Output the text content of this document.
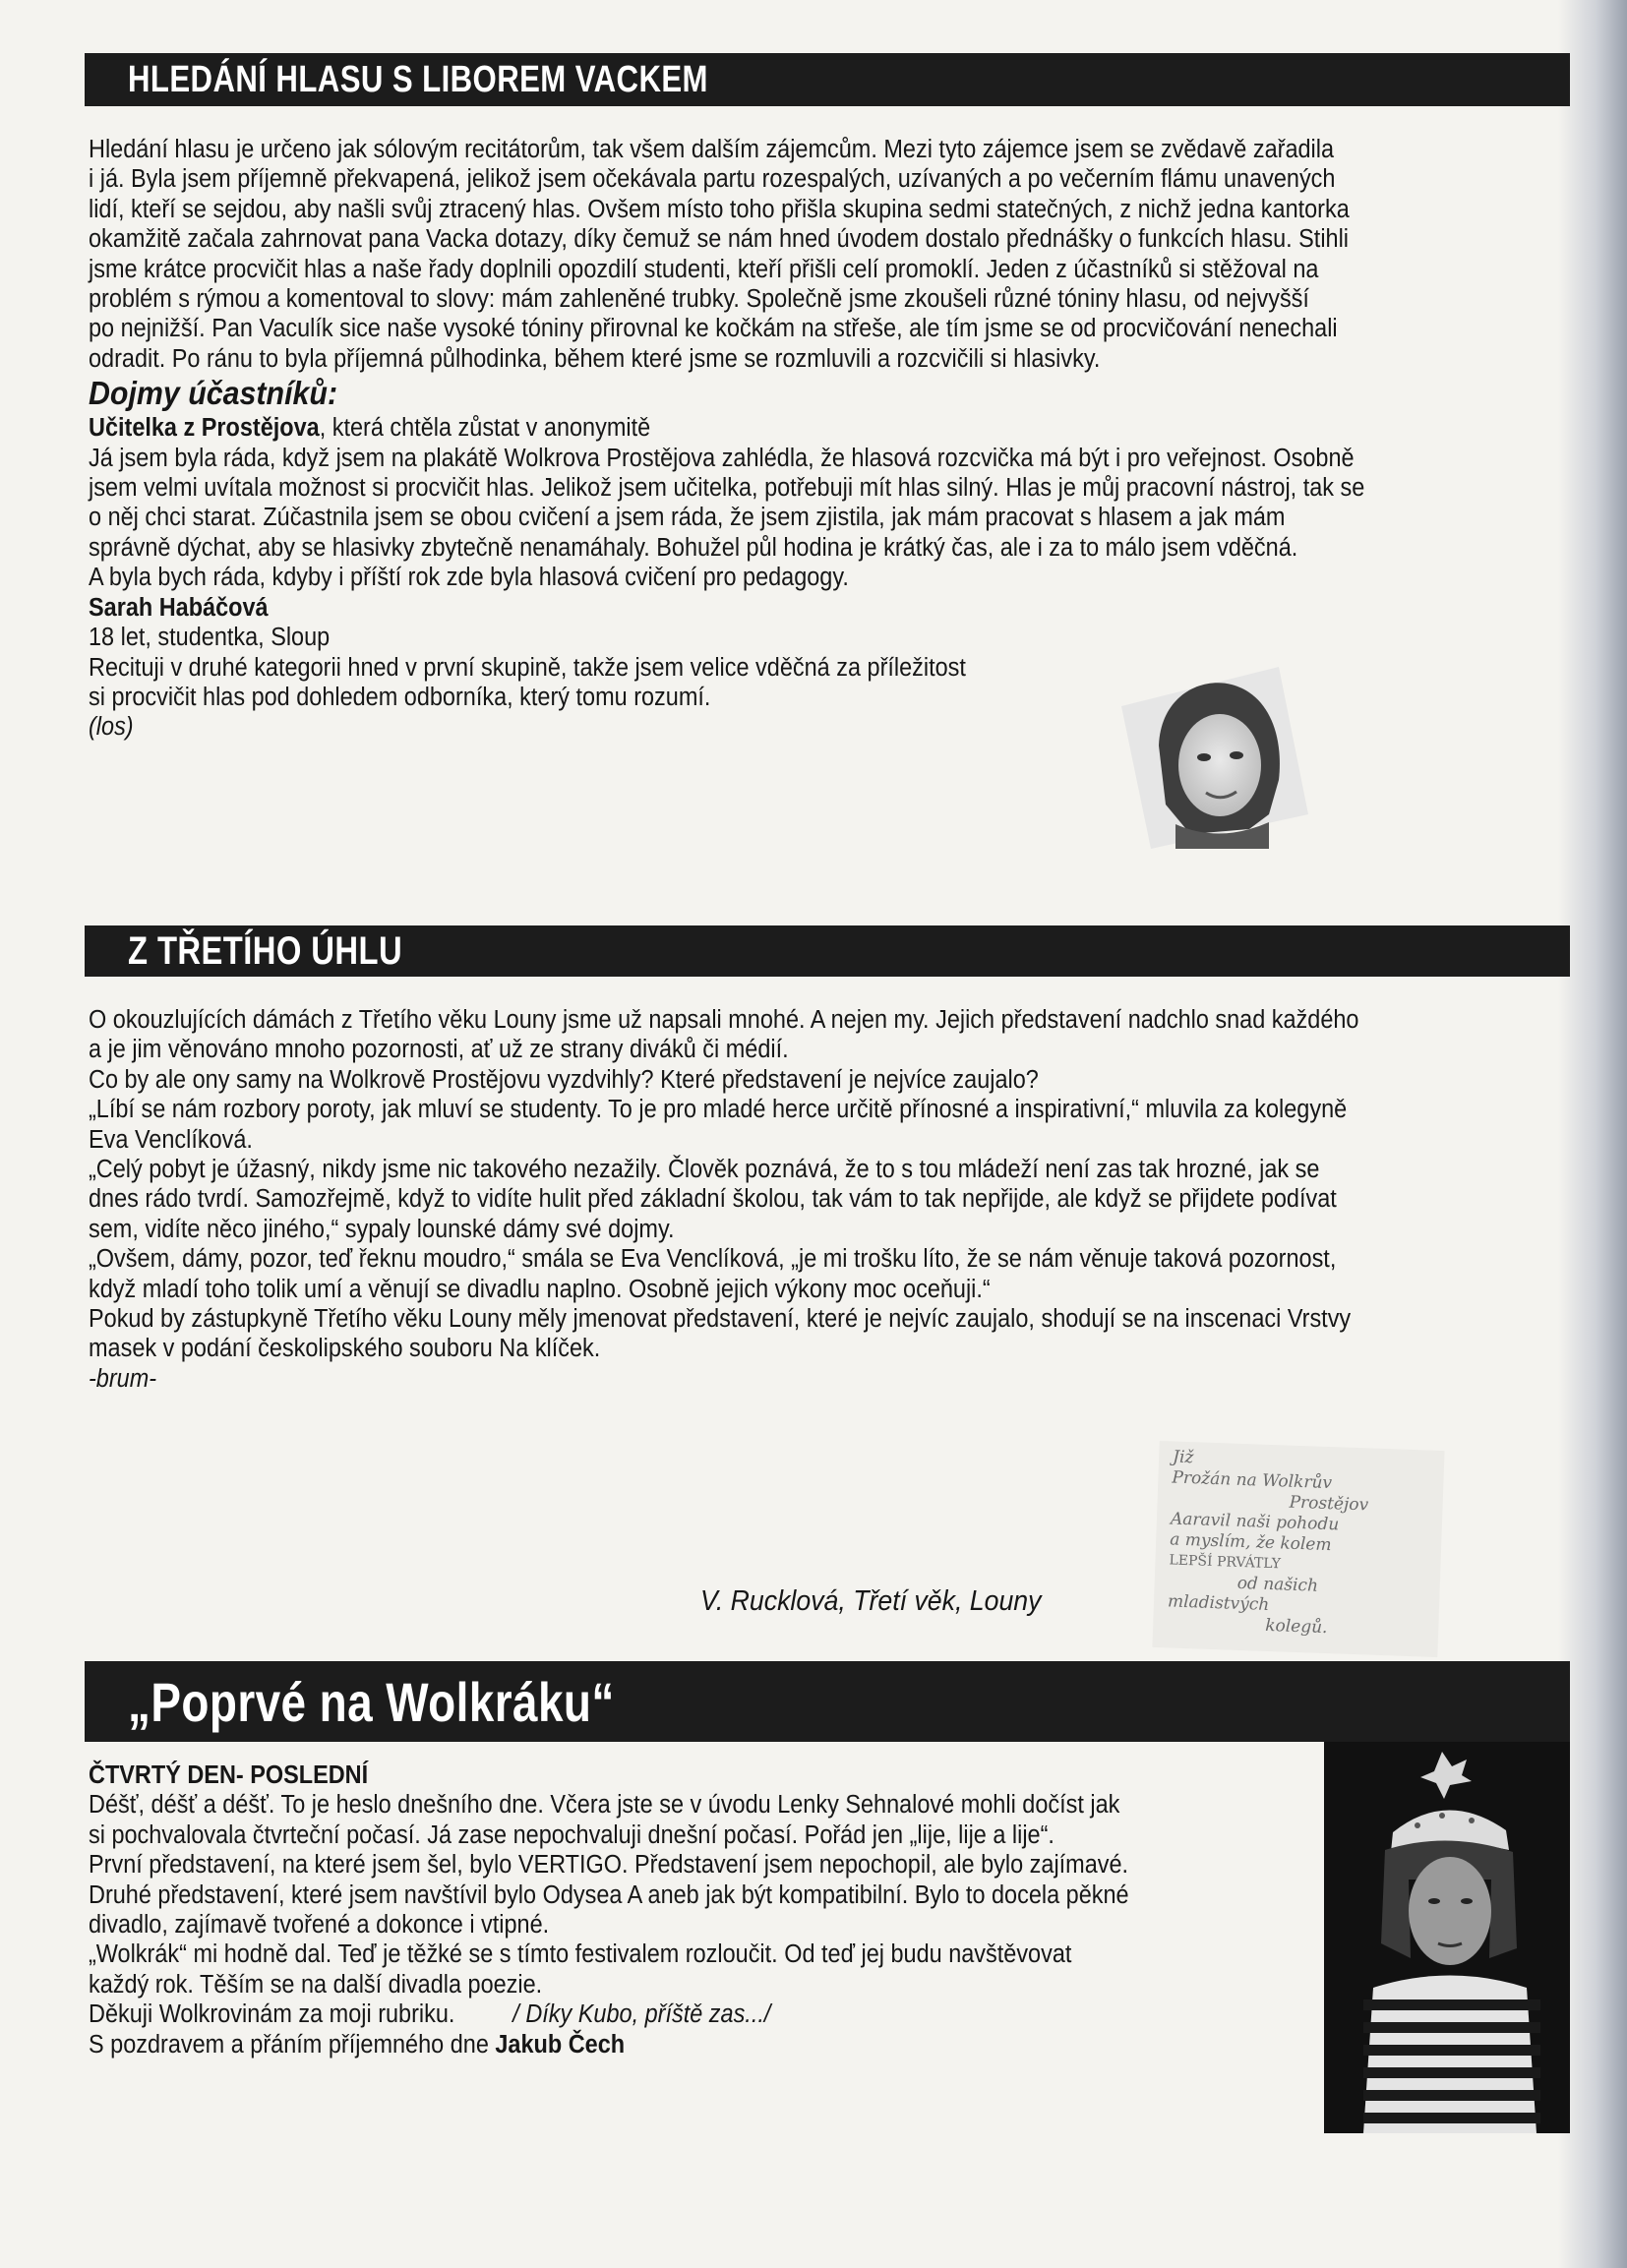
HLEDÁNÍ HLASU S LIBOREM VACKEM

Hledání hlasu je určeno jak sólovým recitátorům, tak všem dalším zájemcům. Mezi tyto zájemce jsem se zvědavě zařadila

i já. Byla jsem příjemně překvapená, jelikož jsem očekávala partu rozespalých, uzívaných a po večerním flámu unavených

lidí, kteří se sejdou, aby našli svůj ztracený hlas. Ovšem místo toho přišla skupina sedmi statečných, z nichž jedna kantorka

okamžitě začala zahrnovat pana Vacka dotazy, díky čemuž se nám hned úvodem dostalo přednášky o funkcích hlasu. Stihli

jsme krátce procvičit hlas a naše řady doplnili opozdilí studenti, kteří přišli celí promoklí. Jeden z účastníků si stěžoval na

problém s rýmou a komentoval to slovy: mám zahleněné trubky. Společně jsme zkoušeli různé tóniny hlasu, od nejvyšší

po nejnižší. Pan Vaculík sice naše vysoké tóniny přirovnal ke kočkám na střeše, ale tím jsme se od procvičování nenechali

odradit. Po ránu to byla příjemná půlhodinka, během které jsme se rozmluvili a rozcvičili si hlasivky.

Dojmy účastníků:

Učitelka z Prostějova, která chtěla zůstat v anonymitě

Já jsem byla ráda, když jsem na plakátě Wolkrova Prostějova zahlédla, že hlasová rozcvička má být i pro veřejnost. Osobně

jsem velmi uvítala možnost si procvičit hlas. Jelikož jsem učitelka, potřebuji mít hlas silný. Hlas je můj pracovní nástroj, tak se

o něj chci starat. Zúčastnila jsem se obou cvičení a jsem ráda, že jsem zjistila, jak mám pracovat s hlasem a jak mám

správně dýchat, aby se hlasivky zbytečně nenamáhaly. Bohužel půl hodina je krátký čas, ale i za to málo jsem vděčná.

A byla bych ráda, kdyby i příští rok zde byla hlasová cvičení pro pedagogy.

Sarah Habáčová

18 let, studentka, Sloup

Recituji v druhé kategorii hned v první skupině, takže jsem velice vděčná za příležitost

si procvičit hlas pod dohledem odborníka, který tomu rozumí.

(los)

Z TŘETÍHO ÚHLU

O okouzlujících dámách z Třetího věku Louny jsme už napsali mnohé. A nejen my. Jejich představení nadchlo snad každého

a je jim věnováno mnoho pozornosti, ať už ze strany diváků či médií.

Co by ale ony samy na Wolkrově Prostějovu vyzdvihly? Které představení je nejvíce zaujalo?

„Líbí se nám rozbory poroty, jak mluví se studenty. To je pro mladé herce určitě přínosné a inspirativní,“ mluvila za kolegyně

Eva Venclíková.

„Celý pobyt je úžasný, nikdy jsme nic takového nezažily. Člověk poznává, že to s tou mládeží není zas tak hrozné, jak se

dnes rádo tvrdí. Samozřejmě, když to vidíte hulit před základní školou, tak vám to tak nepřijde, ale když se přijdete podívat

sem, vidíte něco jiného,“ sypaly lounské dámy své dojmy.

„Ovšem, dámy, pozor, teď řeknu moudro,“ smála se Eva Venclíková, „je mi trošku líto, že se nám věnuje taková pozornost,

když mladí toho tolik umí a věnují se divadlu naplno. Osobně jejich výkony moc oceňuji.“

Pokud by zástupkyně Třetího věku Louny měly jmenovat představení, které je nejvíc zaujalo, shodují se na inscenaci Vrstvy

masek v podání českolipského souboru Na klíček.

-brum-

Již
Prožán na Wolkrův
Prostějov
Aaravil naši pohodu
a myslím, že kolem
LEPŠÍ PRVÁTLY
od našich
mladistvých
kolegů.
V. Rucklová, Třetí věk, Louny
„Poprvé na Wolkráku“

ČTVRTÝ DEN- POSLEDNÍ

Déšť, déšť a déšť. To je heslo dnešního dne. Včera jste se v úvodu Lenky Sehnalové mohli dočíst jak

si pochvalovala čtvrteční počasí. Já zase nepochvaluji dnešní počasí. Pořád jen „lije, lije a lije“.

První představení, na které jsem šel, bylo VERTIGO. Představení jsem nepochopil, ale bylo zajímavé.

Druhé představení, které jsem navštívil bylo Odysea A aneb jak být kompatibilní. Bylo to docela pěkné

divadlo, zajímavě tvořené a dokonce i vtipné.

„Wolkrák“ mi hodně dal. Teď je těžké se s tímto festivalem rozloučit. Od teď jej budu navštěvovat

každý rok. Těším se na další divadla poezie.

Děkuji Wolkrovinám za moji rubriku. / Díky Kubo, příště zas.../

S pozdravem a přáním příjemného dne Jakub Čech
